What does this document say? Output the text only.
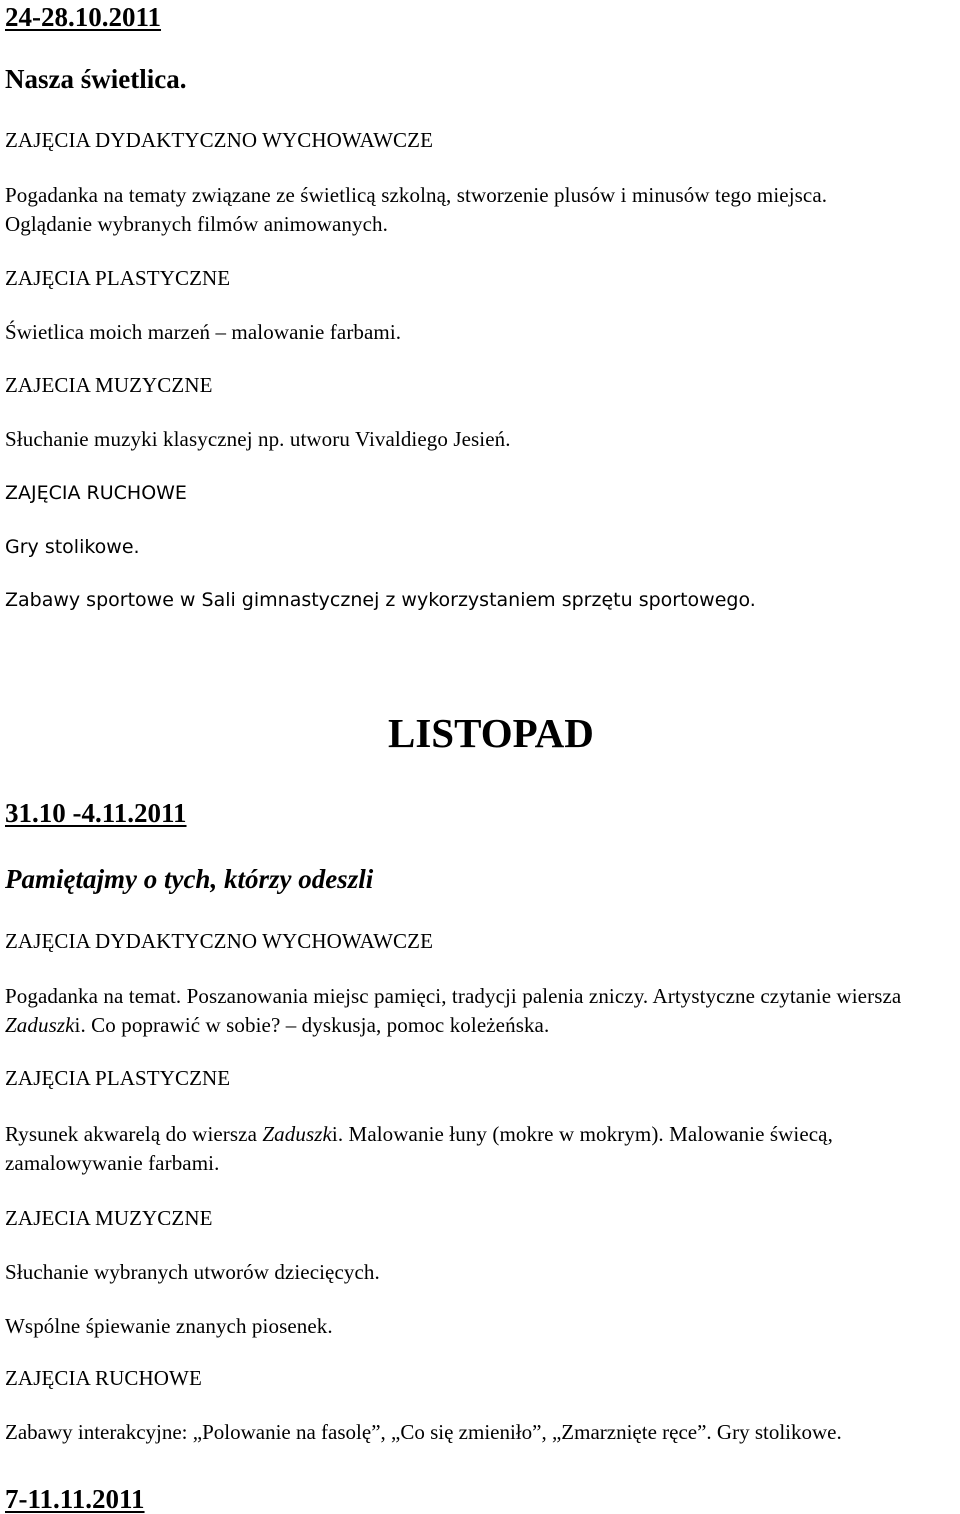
24-28.10.2011
Nasza świetlica.
ZAJĘCIA DYDAKTYCZNO WYCHOWAWCZE
Pogadanka na tematy związane ze świetlicą szkolną, stworzenie plusów i minusów tego miejsca.
Oglądanie wybranych filmów animowanych.
ZAJĘCIA PLASTYCZNE
Świetlica moich marzeń – malowanie farbami.
ZAJECIA MUZYCZNE
Słuchanie muzyki klasycznej np. utworu Vivaldiego Jesień.
ZAJĘCIA RUCHOWE
Gry stolikowe.
Zabawy sportowe w Sali gimnastycznej z wykorzystaniem sprzętu sportowego.
LISTOPAD
31.10 -4.11.2011
Pamiętajmy o tych, którzy odeszli
ZAJĘCIA DYDAKTYCZNO WYCHOWAWCZE

Pogadanka na temat. Poszanowania miejsc pamięci, tradycji palenia zniczy. Artystyczne czytanie wiersza Zaduszki. Co poprawić w sobie? – dyskusja, pomoc koleżeńska.

ZAJĘCIA PLASTYCZNE

Rysunek akwarelą do wiersza Zaduszki. Malowanie łuny (mokre w mokrym). Malowanie świecą, zamalowywanie farbami.

ZAJECIA MUZYCZNE
Słuchanie wybranych utworów dziecięcych.
Wspólne śpiewanie znanych piosenek.
ZAJĘCIA RUCHOWE
Zabawy interakcyjne: „Polowanie na fasolę”, „Co się zmieniło”, „Zmarznięte ręce”. Gry stolikowe.
7-11.11.2011
